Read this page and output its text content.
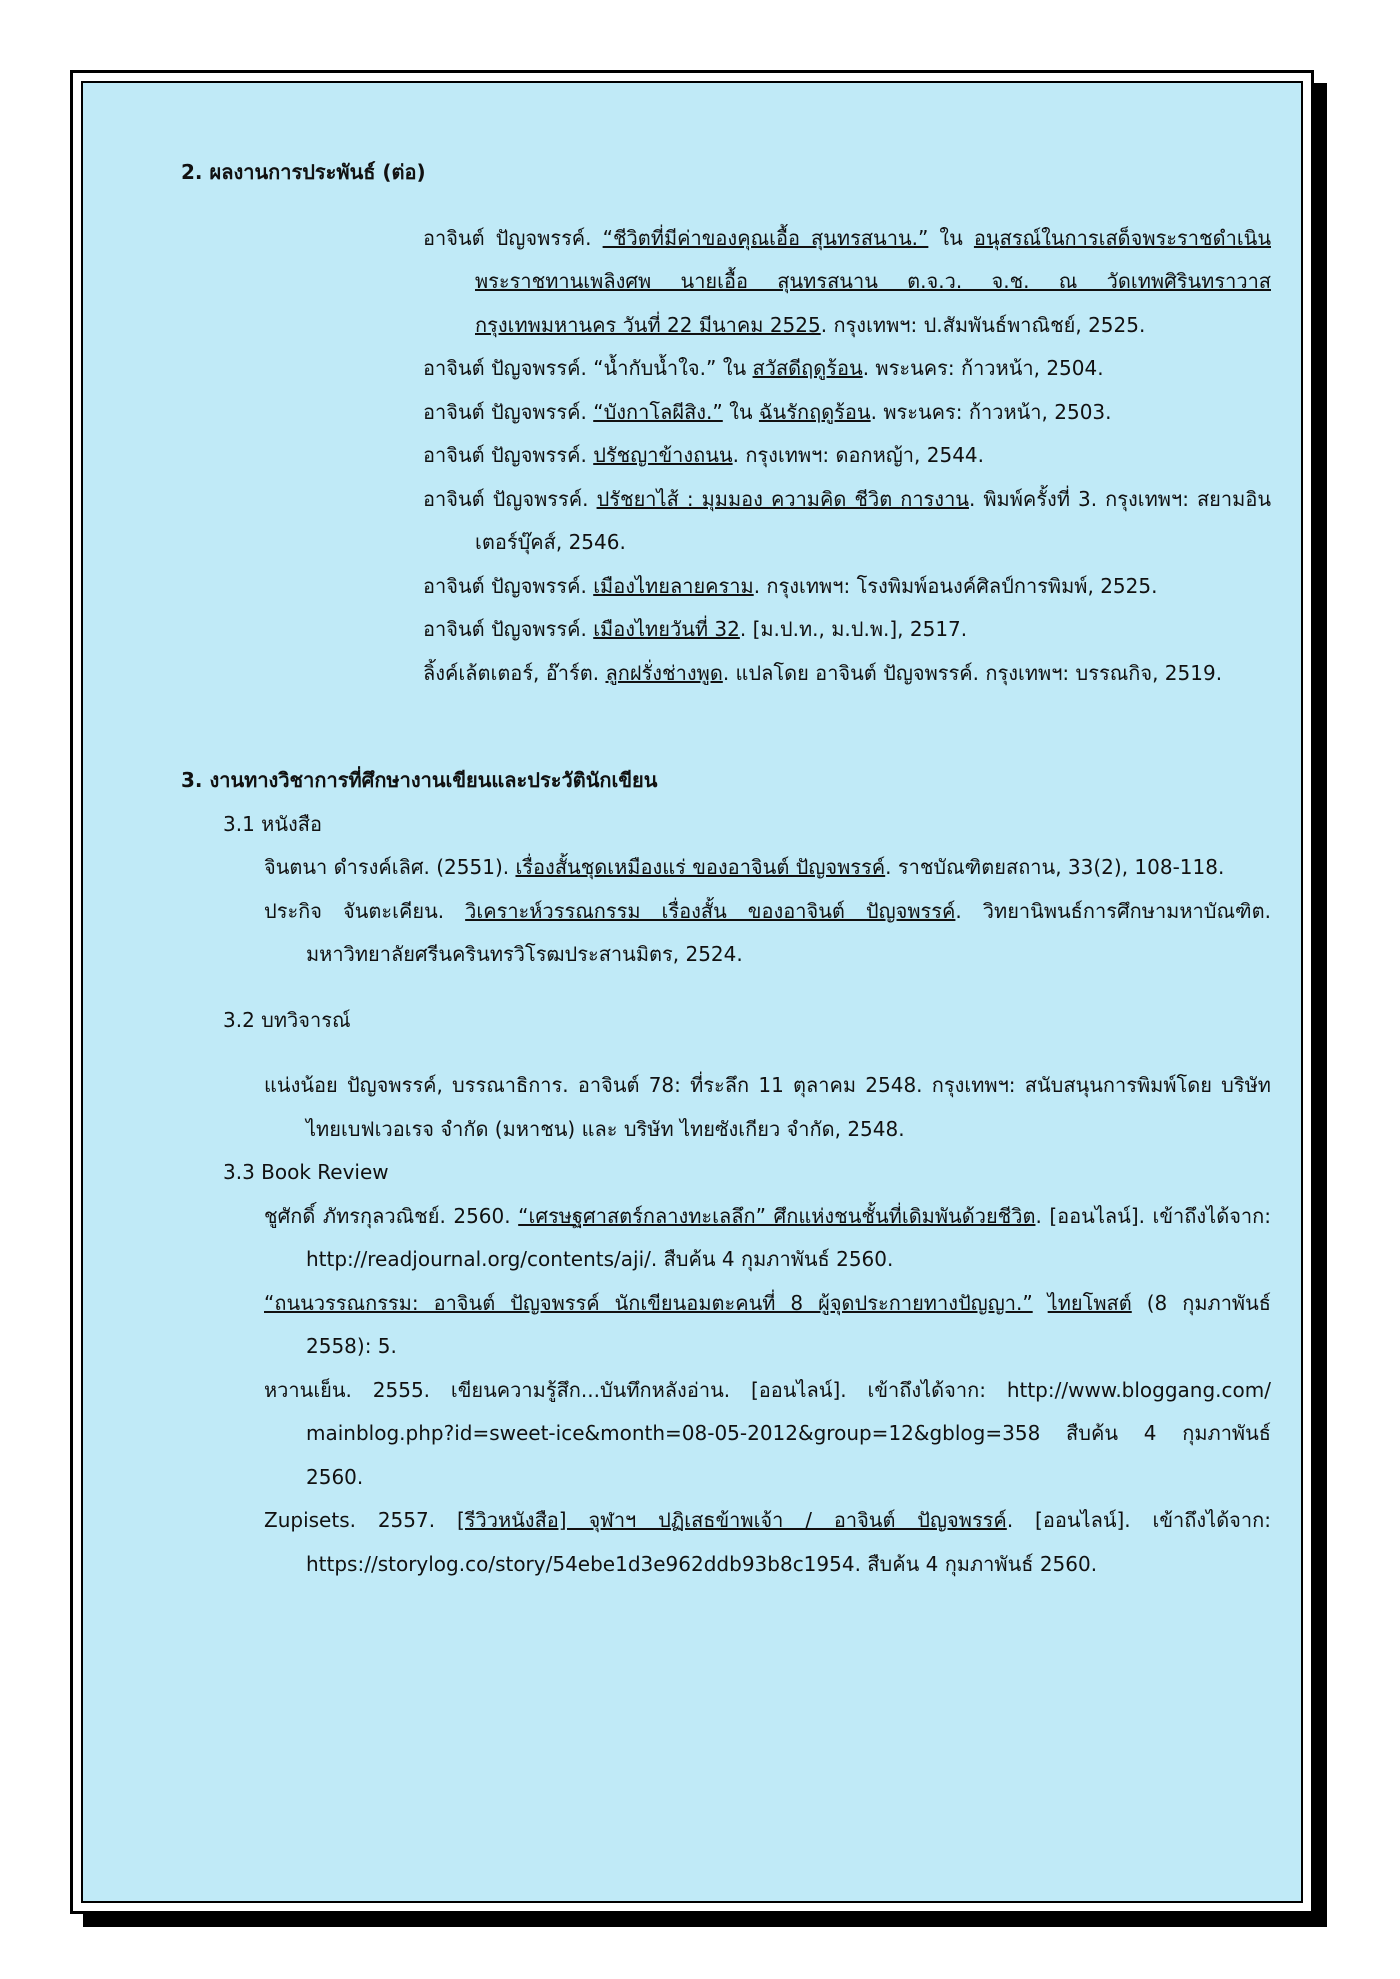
2. ผลงานการประพันธ์ (ต่อ)

อาจินต์ ปัญจพรรค์. “ชีวิตที่มีค่าของคุณเอื้อ สุนทรสนาน.” ใน อนุสรณ์ในการเสด็จพระราชดำเนินพระราชทานเพลิงศพ นายเอื้อ สุนทรสนาน ต.จ.ว. จ.ช. ณ วัดเทพศิรินทราวาส กรุงเทพมหานคร วันที่ 22 มีนาคม 2525. กรุงเทพฯ: ป.สัมพันธ์พาณิชย์, 2525.
อาจินต์ ปัญจพรรค์. “น้ำกับน้ำใจ.” ใน สวัสดีฤดูร้อน. พระนคร: ก้าวหน้า, 2504.
อาจินต์ ปัญจพรรค์. “บังกาโลผีสิง.” ใน ฉันรักฤดูร้อน. พระนคร: ก้าวหน้า, 2503.
อาจินต์ ปัญจพรรค์. ปรัชญาข้างถนน. กรุงเทพฯ: ดอกหญ้า, 2544.
อาจินต์ ปัญจพรรค์. ปรัชยาไส้ : มุมมอง ความคิด ชีวิต การงาน. พิมพ์ครั้งที่ 3. กรุงเทพฯ: สยามอินเตอร์บุ๊คส์, 2546.
อาจินต์ ปัญจพรรค์. เมืองไทยลายคราม. กรุงเทพฯ: โรงพิมพ์อนงค์ศิลป์การพิมพ์, 2525.
อาจินต์ ปัญจพรรค์. เมืองไทยวันที่ 32. [ม.ป.ท., ม.ป.พ.], 2517.
ลิ้งค์เล้ตเตอร์, อ๊าร์ต. ลูกฝรั่งช่างพูด. แปลโดย อาจินต์ ปัญจพรรค์. กรุงเทพฯ: บรรณกิจ, 2519.

3. งานทางวิชาการที่ศึกษางานเขียนและประวัตินักเขียน

3.1 หนังสือ

จินตนา ดำรงค์เลิศ. (2551). เรื่องสั้นชุดเหมืองแร่ ของอาจินต์ ปัญจพรรค์. ราชบัณฑิตยสถาน, 33(2), 108-118.
ประกิจ จันตะเคียน. วิเคราะห์วรรณกรรม เรื่องสั้น ของอาจินต์ ปัญจพรรค์. วิทยานิพนธ์การศึกษามหาบัณฑิต. มหาวิทยาลัยศรีนครินทรวิโรฒประสานมิตร, 2524.

3.2 บทวิจารณ์

แน่งน้อย ปัญจพรรค์, บรรณาธิการ. อาจินต์ 78: ที่ระลึก 11 ตุลาคม 2548. กรุงเทพฯ: สนับสนุนการพิมพ์โดย บริษัท ไทยเบฟเวอเรจ จำกัด (มหาชน) และ บริษัท ไทยซังเกียว จำกัด, 2548.

3.3 Book Review

ชูศักดิ์ ภัทรกุลวณิชย์. 2560. “เศรษฐศาสตร์กลางทะเลลึก” ศึกแห่งชนชั้นที่เดิมพันด้วยชีวิต. [ออนไลน์]. เข้าถึงได้จาก: http://readjournal.org/contents/aji/. สืบค้น 4 กุมภาพันธ์ 2560.
“ถนนวรรณกรรม: อาจินต์ ปัญจพรรค์ นักเขียนอมตะคนที่ 8 ผู้จุดประกายทางปัญญา.” ไทยโพสต์ (8 กุมภาพันธ์ 2558): 5.
หวานเย็น. 2555. เขียนความรู้สึก...บันทึกหลังอ่าน. [ออนไลน์]. เข้าถึงได้จาก: http://www.bloggang.com/ mainblog.php?id=sweet-ice&month=08-05-2012&group=12&gblog=358 สืบค้น 4 กุมภาพันธ์ 2560.
Zupisets. 2557. [รีวิวหนังสือ] จุฬาฯ ปฏิเสธข้าพเจ้า / อาจินต์ ปัญจพรรค์. [ออนไลน์]. เข้าถึงได้จาก: https://storylog.co/story/54ebe1d3e962ddb93b8c1954. สืบค้น 4 กุมภาพันธ์ 2560.
